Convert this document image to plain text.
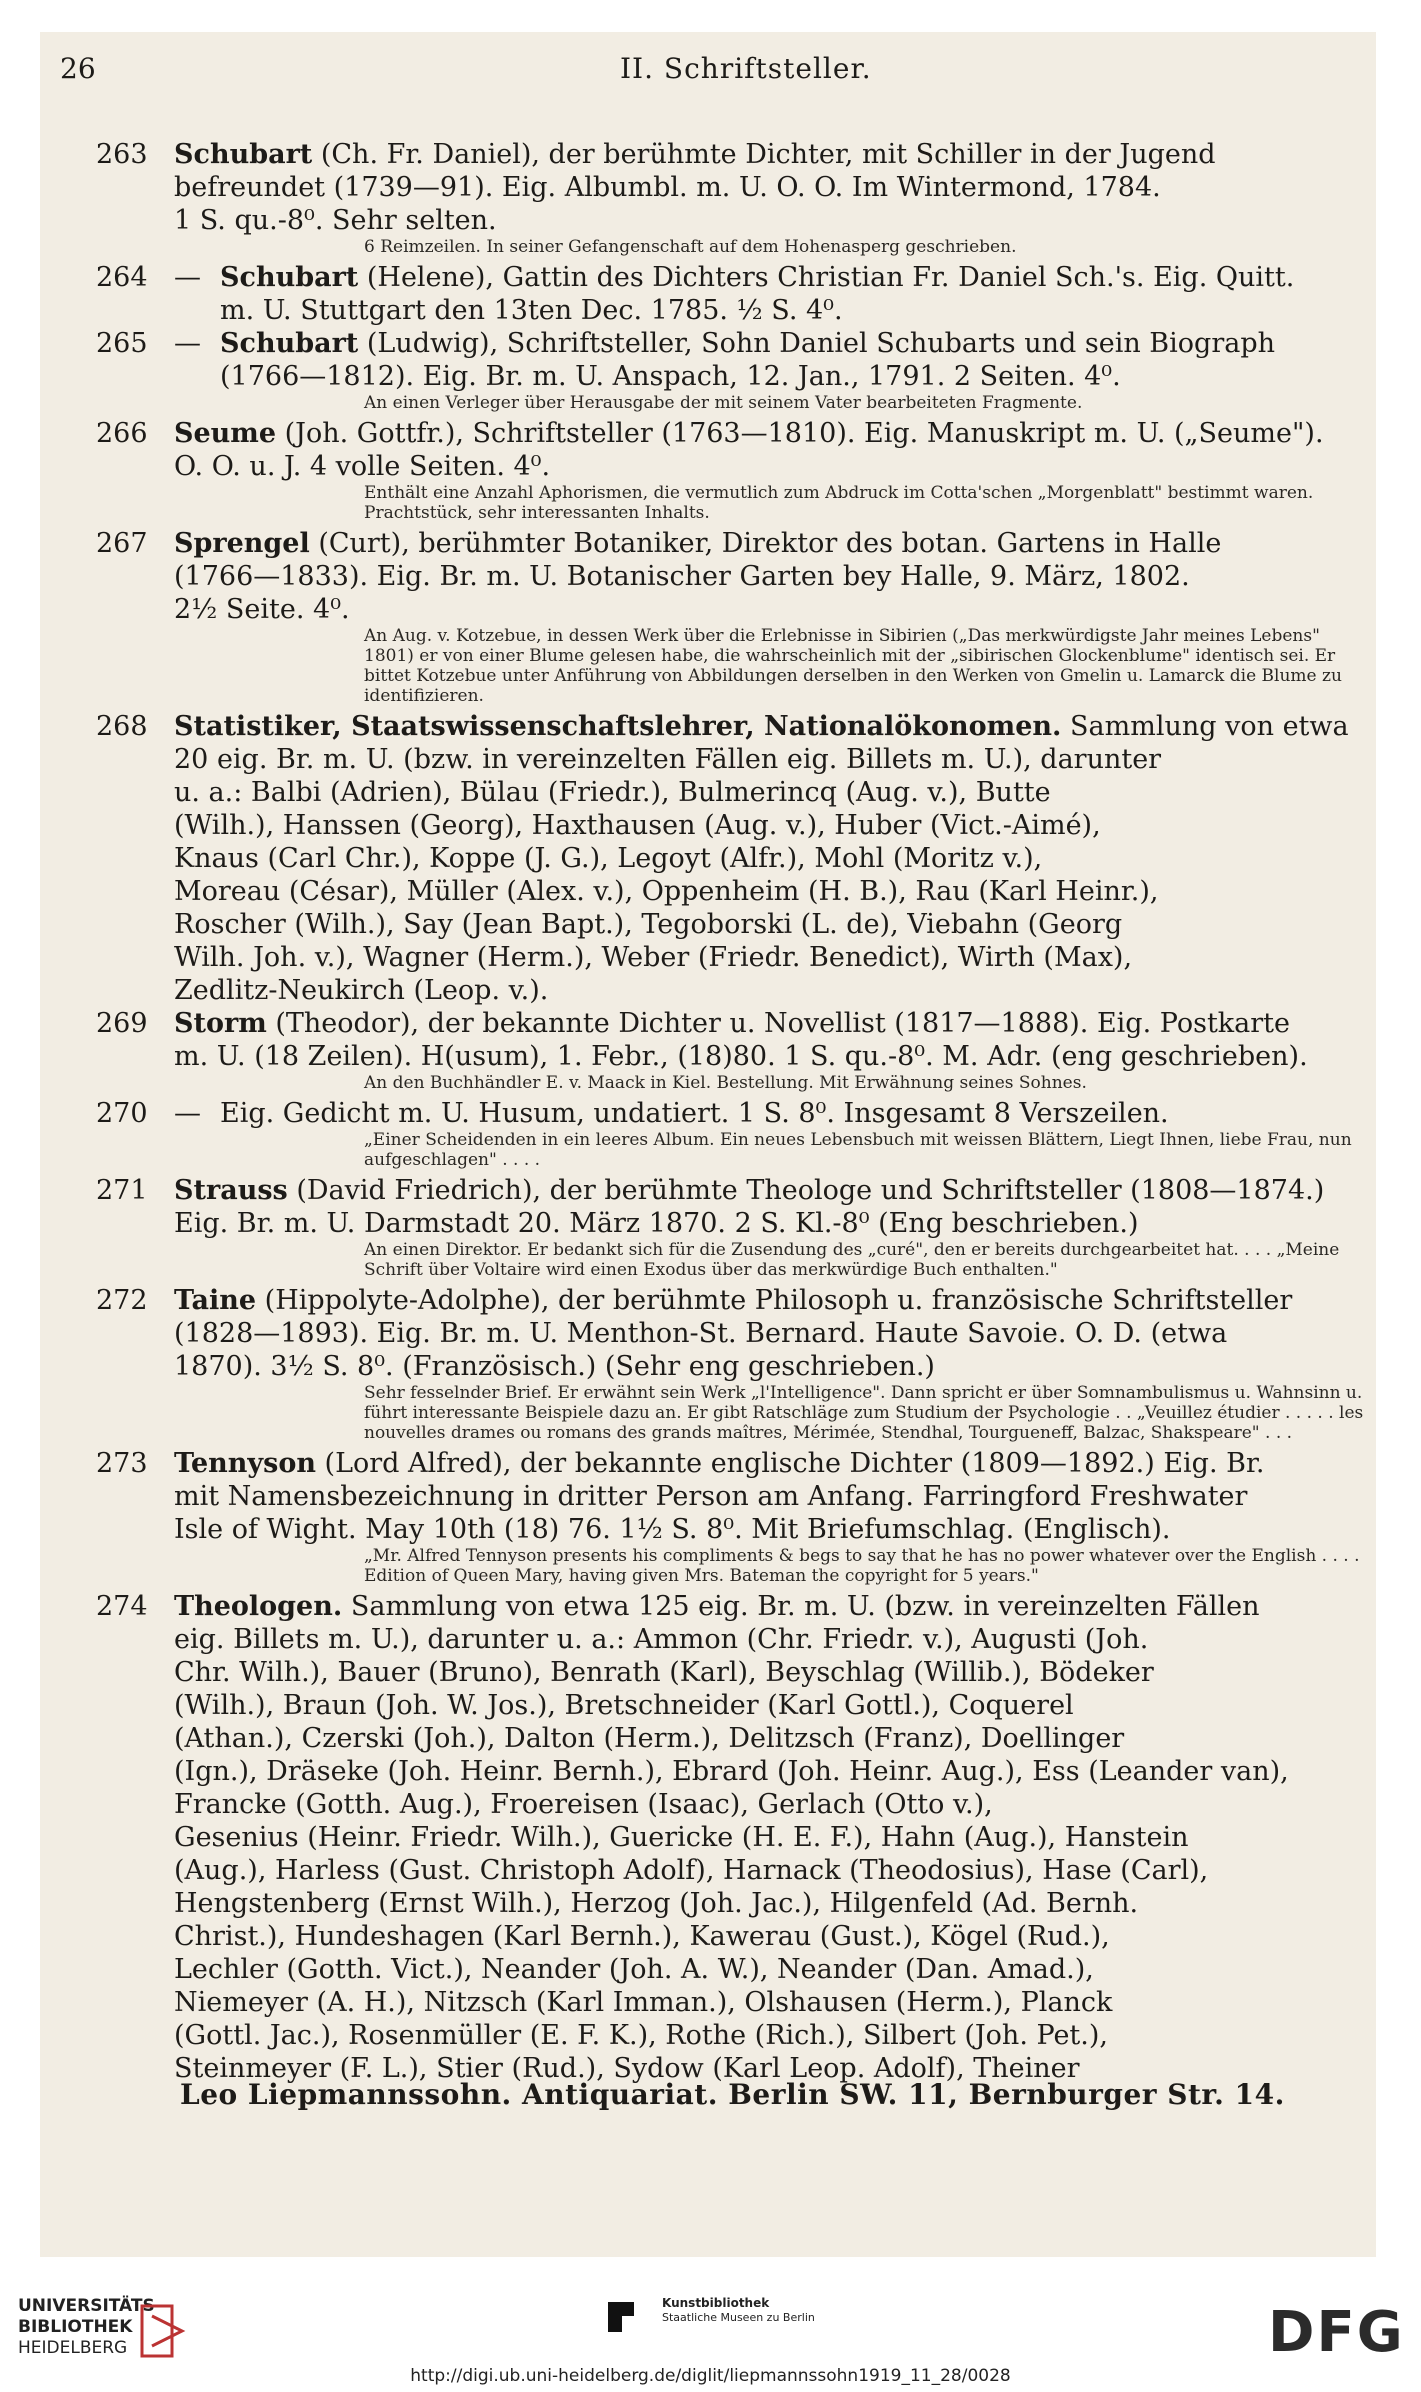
26	II. Schriftsteller.
263 Schubart (Ch. Fr. Daniel), der berühmte Dichter, mit Schiller in der Jugend
befreundet (1739—91). Eig. Albumbl. m. U. O. O. Im Wintermond, 1784.
1 S. qu.-8⁰. Sehr selten.
6 Reimzeilen. In seiner Gefangenschaft auf dem Hohenasperg geschrieben.
264 — Schubart (Helene), Gattin des Dichters Christian Fr. Daniel Sch.'s. Eig. Quitt.
m. U. Stuttgart den 13ten Dec. 1785. ½ S. 4⁰.
265 — Schubart (Ludwig), Schriftsteller, Sohn Daniel Schubarts und sein Biograph
(1766—1812). Eig. Br. m. U. Anspach, 12. Jan., 1791. 2 Seiten. 4⁰.
An einen Verleger über Herausgabe der mit seinem Vater bearbeiteten Fragmente.
266 Seume (Joh. Gottfr.), Schriftsteller (1763—1810). Eig. Manuskript m. U. („Seume").
O. O. u. J. 4 volle Seiten. 4⁰.
Enthält eine Anzahl Aphorismen, die vermutlich zum Abdruck im Cotta'schen „Morgenblatt" bestimmt waren. Prachtstück, sehr interessanten Inhalts.
267 Sprengel (Curt), berühmter Botaniker, Direktor des botan. Gartens in Halle
(1766—1833). Eig. Br. m. U. Botanischer Garten bey Halle, 9. März, 1802.
2½ Seite. 4⁰.
An Aug. v. Kotzebue, in dessen Werk über die Erlebnisse in Sibirien („Das merkwürdigste Jahr meines Lebens" 1801) er von einer Blume gelesen habe, die wahrscheinlich mit der „sibirischen Glockenblume" identisch sei. Er bittet Kotzebue unter Anführung von Abbildungen derselben in den Werken von Gmelin u. Lamarck die Blume zu identifizieren.
268 Statistiker, Staatswissenschaftslehrer, Nationalökonomen. Sammlung von etwa
20 eig. Br. m. U. (bzw. in vereinzelten Fällen eig. Billets m. U.), darunter
u. a.: Balbi (Adrien), Bülau (Friedr.), Bulmerincq (Aug. v.), Butte
(Wilh.), Hanssen (Georg), Haxthausen (Aug. v.), Huber (Vict.-Aimé),
Knaus (Carl Chr.), Koppe (J. G.), Legoyt (Alfr.), Mohl (Moritz v.),
Moreau (César), Müller (Alex. v.), Oppenheim (H. B.), Rau (Karl Heinr.),
Roscher (Wilh.), Say (Jean Bapt.), Tegoborski (L. de), Viebahn (Georg
Wilh. Joh. v.), Wagner (Herm.), Weber (Friedr. Benedict), Wirth (Max),
Zedlitz-Neukirch (Leop. v.).
269 Storm (Theodor), der bekannte Dichter u. Novellist (1817—1888). Eig. Postkarte
m. U. (18 Zeilen). H(usum), 1. Febr., (18)80. 1 S. qu.-8⁰. M. Adr. (eng geschrieben).
An den Buchhändler E. v. Maack in Kiel. Bestellung. Mit Erwähnung seines Sohnes.
270 — Eig. Gedicht m. U. Husum, undatiert. 1 S. 8⁰. Insgesamt 8 Verszeilen.
„Einer Scheidenden in ein leeres Album. Ein neues Lebensbuch mit weissen Blättern, Liegt Ihnen, liebe Frau, nun aufgeschlagen" . . . .
271 Strauss (David Friedrich), der berühmte Theologe und Schriftsteller (1808—1874.)
Eig. Br. m. U. Darmstadt 20. März 1870. 2 S. Kl.-8⁰ (Eng beschrieben.)
An einen Direktor. Er bedankt sich für die Zusendung des „curé", den er bereits durchgearbeitet hat. . . . „Meine Schrift über Voltaire wird einen Exodus über das merkwürdige Buch enthalten."
272 Taine (Hippolyte-Adolphe), der berühmte Philosoph u. französische Schriftsteller
(1828—1893). Eig. Br. m. U. Menthon-St. Bernard. Haute Savoie. O. D. (etwa
1870). 3½ S. 8⁰. (Französisch.) (Sehr eng geschrieben.)
Sehr fesselnder Brief. Er erwähnt sein Werk „l'Intelligence". Dann spricht er über Somnambulismus u. Wahnsinn u. führt interessante Beispiele dazu an. Er gibt Ratschläge zum Studium der Psychologie . . „Veuillez étudier . . . . . les nouvelles drames ou romans des grands maîtres, Mérimée, Stendhal, Tourgueneff, Balzac, Shakspeare" . . .
273 Tennyson (Lord Alfred), der bekannte englische Dichter (1809—1892.) Eig. Br.
mit Namensbezeichnung in dritter Person am Anfang. Farringford Freshwater
Isle of Wight. May 10th (18) 76. 1½ S. 8⁰. Mit Briefumschlag. (Englisch).
„Mr. Alfred Tennyson presents his compliments & begs to say that he has no power whatever over the English . . . . Edition of Queen Mary, having given Mrs. Bateman the copyright for 5 years."
274 Theologen. Sammlung von etwa 125 eig. Br. m. U. (bzw. in vereinzelten Fällen
eig. Billets m. U.), darunter u. a.: Ammon (Chr. Friedr. v.), Augusti (Joh.
Chr. Wilh.), Bauer (Bruno), Benrath (Karl), Beyschlag (Willib.), Bödeker
(Wilh.), Braun (Joh. W. Jos.), Bretschneider (Karl Gottl.), Coquerel
(Athan.), Czerski (Joh.), Dalton (Herm.), Delitzsch (Franz), Doellinger
(Ign.), Dräseke (Joh. Heinr. Bernh.), Ebrard (Joh. Heinr. Aug.), Ess (Leander van), Francke (Gotth. Aug.), Froereisen (Isaac), Gerlach (Otto v.),
Gesenius (Heinr. Friedr. Wilh.), Guericke (H. E. F.), Hahn (Aug.), Hanstein
(Aug.), Harless (Gust. Christoph Adolf), Harnack (Theodosius), Hase (Carl),
Hengstenberg (Ernst Wilh.), Herzog (Joh. Jac.), Hilgenfeld (Ad. Bernh.
Christ.), Hundeshagen (Karl Bernh.), Kawerau (Gust.), Kögel (Rud.),
Lechler (Gotth. Vict.), Neander (Joh. A. W.), Neander (Dan. Amad.),
Niemeyer (A. H.), Nitzsch (Karl Imman.), Olshausen (Herm.), Planck
(Gottl. Jac.), Rosenmüller (E. F. K.), Rothe (Rich.), Silbert (Joh. Pet.),
Steinmeyer (F. L.), Stier (Rud.), Sydow (Karl Leop. Adolf), Theiner
Leo Liepmannssohn. Antiquariat. Berlin SW. 11, Bernburger Str. 14.
UNIVERSITÄTS-
BIBLIOTHEK
HEIDELBERG
Kunstbibliothek
Staatliche Museen zu Berlin	DFG
http://digi.ub.uni-heidelberg.de/diglit/liepmannssohn1919_11_28/0028
